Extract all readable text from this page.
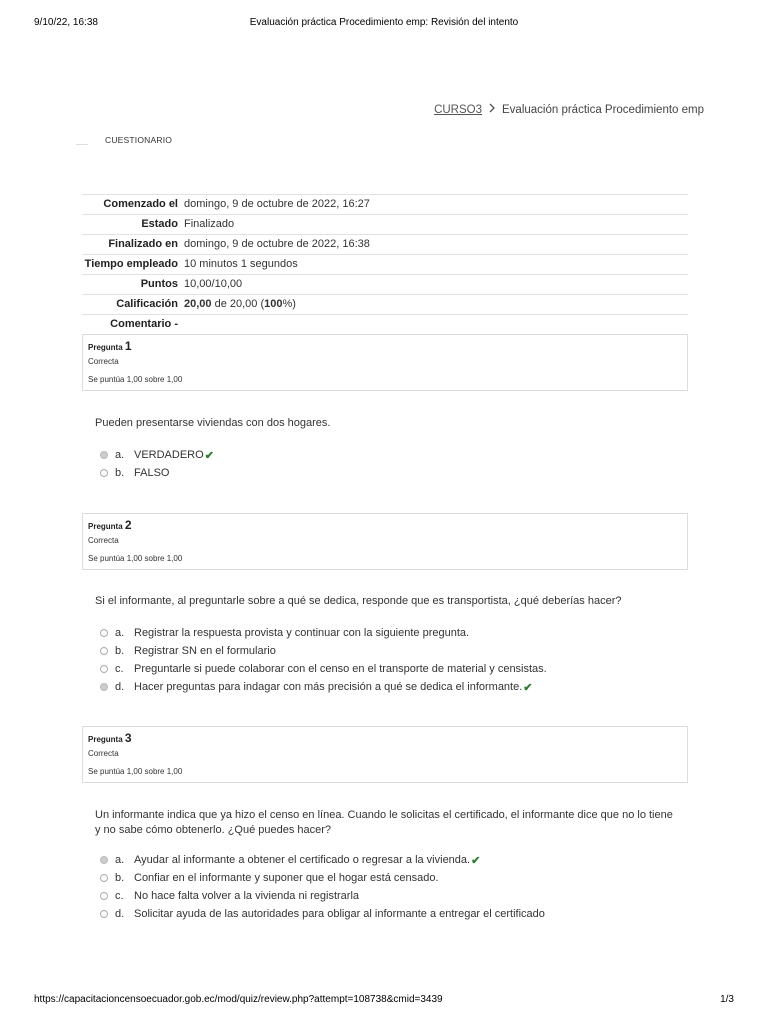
9/10/22, 16:38	Evaluación práctica Procedimiento emp: Revisión del intento
CURSO3 Evaluación práctica Procedimiento emp
CUESTIONARIO
Comenzado el	domingo, 9 de octubre de 2022, 16:27
Estado	Finalizado
Finalizado en	domingo, 9 de octubre de 2022, 16:38
Tiempo empleado	10 minutos 1 segundos
Puntos	10,00/10,00
Calificación	20,00 de 20,00 (100%)
Comentario -	
Pregunta 1
Correcta
Se puntúa 1,00 sobre 1,00
Pueden presentarse viviendas con dos hogares.
a. VERDADERO ✔
b. FALSO
Pregunta 2
Correcta
Se puntúa 1,00 sobre 1,00
Si el informante, al preguntarle sobre a qué se dedica, responde que es transportista, ¿qué deberías hacer?
a. Registrar la respuesta provista y continuar con la siguiente pregunta.
b. Registrar SN en el formulario
c. Preguntarle si puede colaborar con el censo en el transporte de material y censistas.
d. Hacer preguntas para indagar con más precisión a qué se dedica el informante. ✔
Pregunta 3
Correcta
Se puntúa 1,00 sobre 1,00
Un informante indica que ya hizo el censo en línea. Cuando le solicitas el certificado, el informante dice que no lo tiene y no sabe cómo obtenerlo. ¿Qué puedes hacer?
a. Ayudar al informante a obtener el certificado o regresar a la vivienda. ✔
b. Confiar en el informante y suponer que el hogar está censado.
c. No hace falta volver a la vivienda ni registrarla
d. Solicitar ayuda de las autoridades para obligar al informante a entregar el certificado
https://capacitacioncensoecuador.gob.ec/mod/quiz/review.php?attempt=108738&cmid=3439	1/3
